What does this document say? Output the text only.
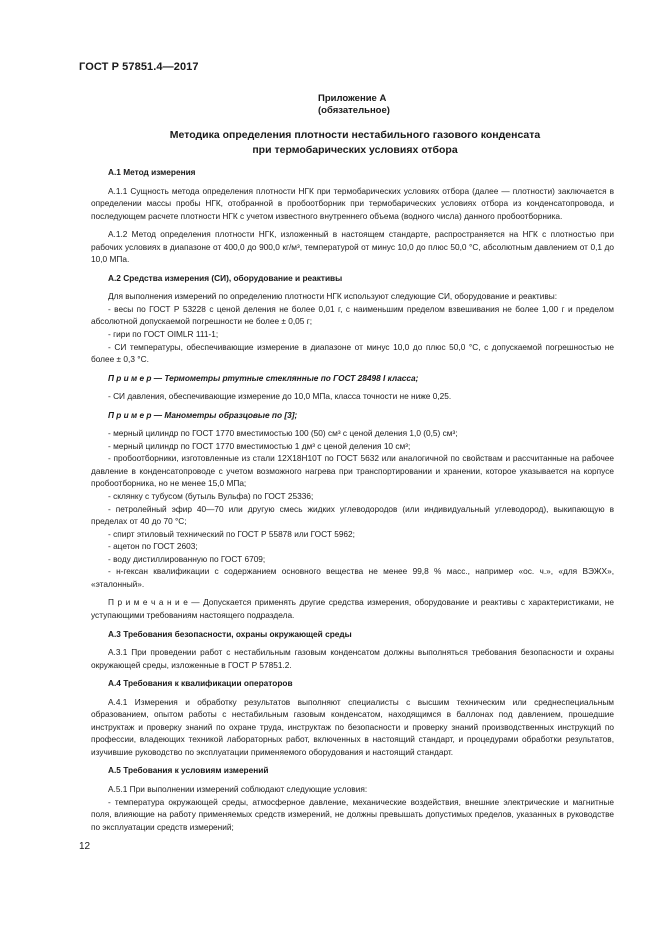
ГОСТ Р 57851.4—2017
Приложение А
(обязательное)
Методика определения плотности нестабильного газового конденсата
при термобарических условиях отбора

А.1 Метод измерения

А.1.1 Сущность метода определения плотности НГК при термобарических условиях отбора (далее — плотности) заключается в определении массы пробы НГК, отобранной в пробоотборник при термобарических условиях отбора из конденсатопровода, и последующем расчете плотности НГК с учетом известного внутреннего объема (водного числа) данного пробоотборника.

А.1.2 Метод определения плотности НГК, изложенный в настоящем стандарте, распространяется на НГК с плотностью при рабочих условиях в диапазоне от 400,0 до 900,0 кг/м³, температурой от минус 10,0 до плюс 50,0 °С, абсолютным давлением от 0,1 до 10,0 МПа.

А.2 Средства измерения (СИ), оборудование и реактивы

Для выполнения измерений по определению плотности НГК используют следующие СИ, оборудование и реактивы:

- весы по ГОСТ Р 53228 с ценой деления не более 0,01 г, с наименьшим пределом взвешивания не более 1,00 г и пределом абсолютной допускаемой погрешности не более ± 0,05 г;

- гири по ГОСТ OIMLR 111-1;

- СИ температуры, обеспечивающие измерение в диапазоне от минус 10,0 до плюс 50,0 °С, с допускаемой погрешностью не более ± 0,3 °С.

П р и м е р — Термометры ртутные стеклянные по ГОСТ 28498 I класса;

- СИ давления, обеспечивающие измерение до 10,0 МПа, класса точности не ниже 0,25.

П р и м е р — Манометры образцовые по [3];

- мерный цилиндр по ГОСТ 1770 вместимостью 100 (50) см³ с ценой деления 1,0 (0,5) см³;

- мерный цилиндр по ГОСТ 1770 вместимостью 1 дм³ с ценой деления 10 см³;

- пробоотборники, изготовленные из стали 12Х18Н10Т по ГОСТ 5632 или аналогичной по свойствам и рассчитанные на рабочее давление в конденсатопроводе с учетом возможного нагрева при транспортировании и хранении, которое указывается на корпусе пробоотборника, но не менее 15,0 МПа;

- склянку с тубусом (бутыль Вульфа) по ГОСТ 25336;

- петролейный эфир 40—70 или другую смесь жидких углеводородов (или индивидуальный углеводород), выкипающую в пределах от 40 до 70 °С;

- спирт этиловый технический по ГОСТ Р 55878 или ГОСТ 5962;

- ацетон по ГОСТ 2603;

- воду дистиллированную по ГОСТ 6709;

- н-гексан квалификации с содержанием основного вещества не менее 99,8 % масс., например «ос. ч.», «для ВЭЖХ», «эталонный».

П р и м е ч а н и е — Допускается применять другие средства измерения, оборудование и реактивы с характеристиками, не уступающими требованиям настоящего подраздела.

А.3 Требования безопасности, охраны окружающей среды

А.3.1 При проведении работ с нестабильным газовым конденсатом должны выполняться требования безопасности и охраны окружающей среды, изложенные в ГОСТ Р 57851.2.

А.4 Требования к квалификации операторов

А.4.1 Измерения и обработку результатов выполняют специалисты с высшим техническим или среднеспециальным образованием, опытом работы с нестабильным газовым конденсатом, находящимся в баллонах под давлением, прошедшие инструктаж и проверку знаний по охране труда, инструктаж по безопасности и проверку знаний производственных инструкций по профессии, владеющих техникой лабораторных работ, включенных в настоящий стандарт, и процедурами обработки результатов, изучившие руководство по эксплуатации применяемого оборудования и настоящий стандарт.

А.5 Требования к условиям измерений

А.5.1 При выполнении измерений соблюдают следующие условия:

- температура окружающей среды, атмосферное давление, механические воздействия, внешние электрические и магнитные поля, влияющие на работу применяемых средств измерений, не должны превышать допустимых пределов, указанных в руководстве по эксплуатации средств измерений;

12
